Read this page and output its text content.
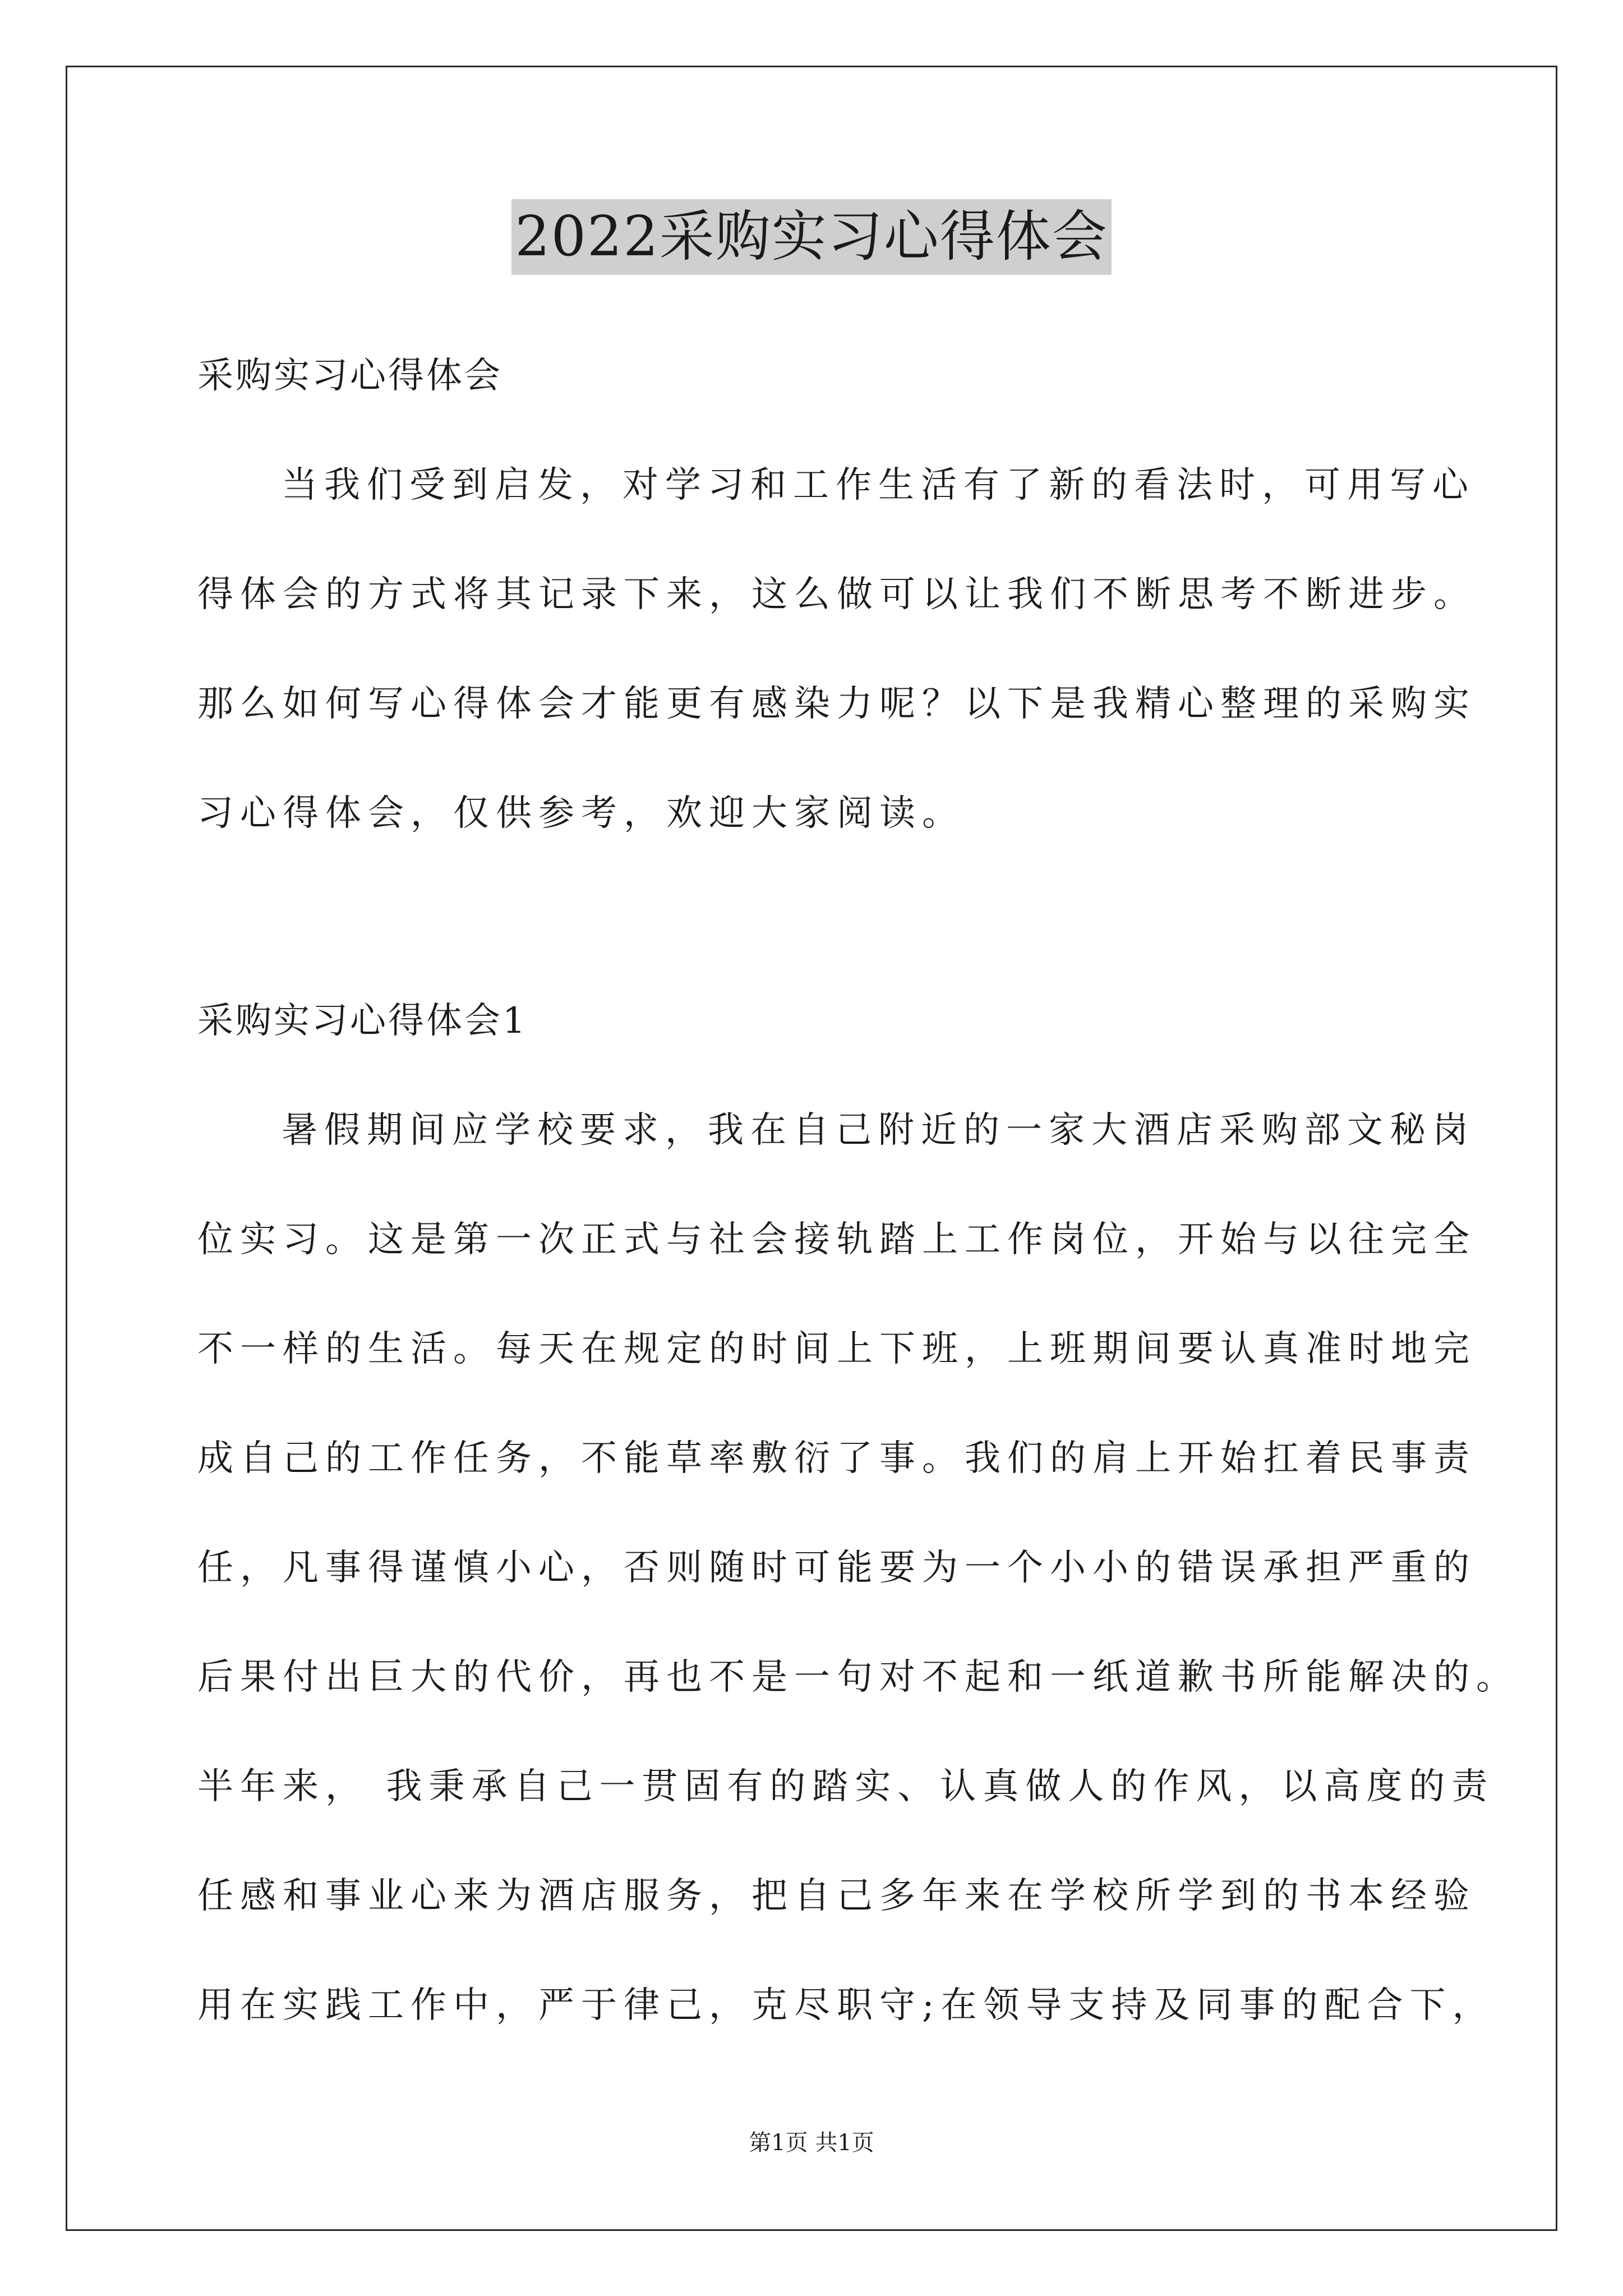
2022采购实习心得体会
采购实习心得体会
当我们受到启发，对学习和工作生活有了新的看法时，可用写心
得体会的方式将其记录下来，这么做可以让我们不断思考不断进步。
那么如何写心得体会才能更有感染力呢？以下是我精心整理的采购实
习心得体会，仅供参考，欢迎大家阅读。
采购实习心得体会1
暑假期间应学校要求，我在自己附近的一家大酒店采购部文秘岗
位实习。这是第一次正式与社会接轨踏上工作岗位，开始与以往完全
不一样的生活。每天在规定的时间上下班，上班期间要认真准时地完
成自己的工作任务，不能草率敷衍了事。我们的肩上开始扛着民事责
任，凡事得谨慎小心，否则随时可能要为一个小小的错误承担严重的
后果付出巨大的代价，再也不是一句对不起和一纸道歉书所能解决的。
半年来， 我秉承自己一贯固有的踏实、认真做人的作风，以高度的责
任感和事业心来为酒店服务，把自己多年来在学校所学到的书本经验
用在实践工作中，严于律己，克尽职守;在领导支持及同事的配合下，
第1页 共1页
